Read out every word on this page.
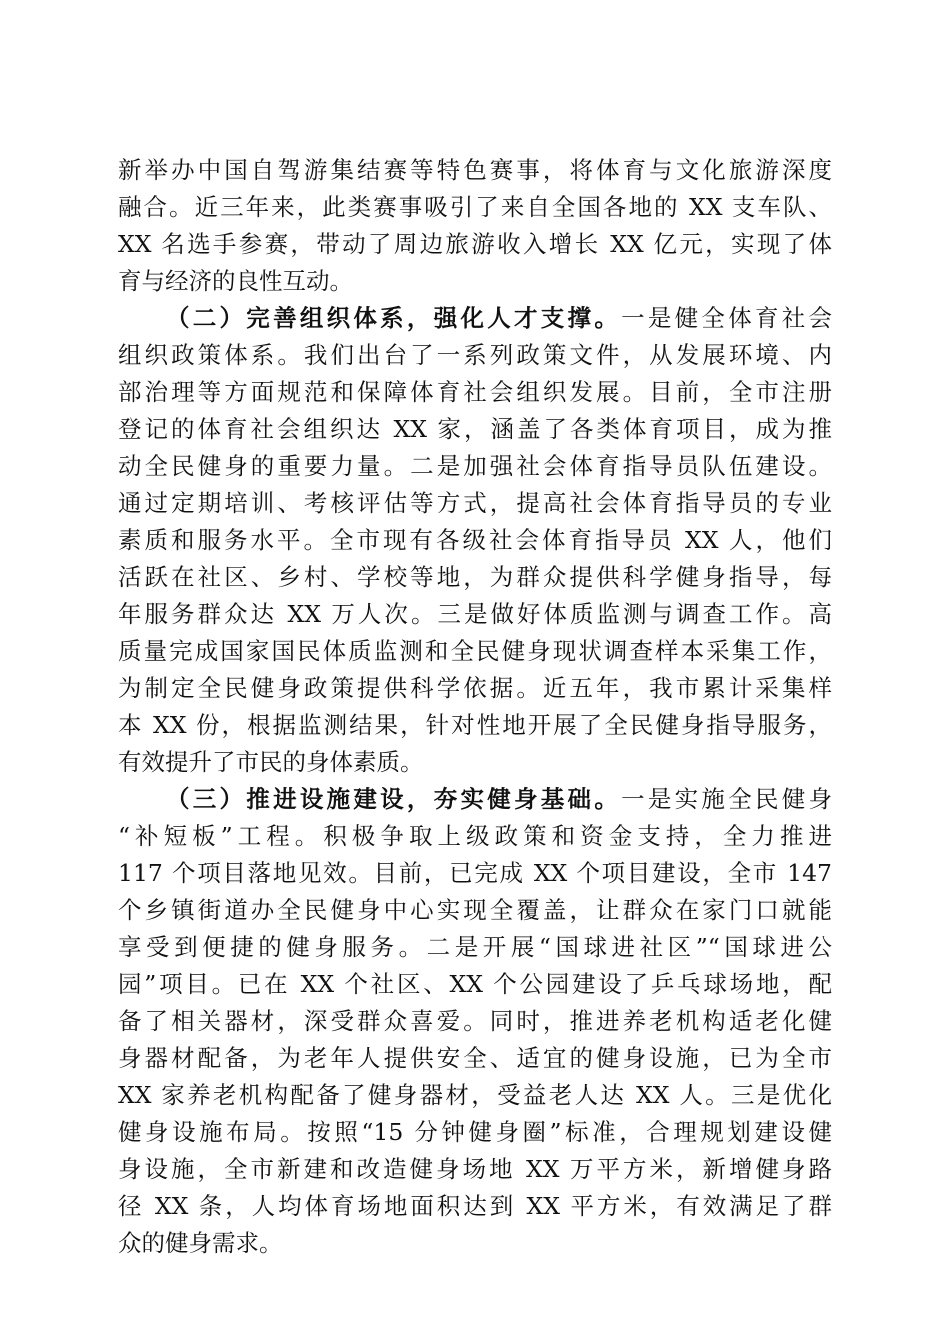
新举办中国自驾游集结赛等特色赛事，将体育与文化旅游深度
融合。近三年来，此类赛事吸引了来自全国各地的 XX 支车队、
XX 名选手参赛，带动了周边旅游收入增长 XX 亿元，实现了体
育与经济的良性互动。
（二）完善组织体系，强化人才支撑。一是健全体育社会
组织政策体系。我们出台了一系列政策文件，从发展环境、内
部治理等方面规范和保障体育社会组织发展。目前，全市注册
登记的体育社会组织达 XX 家，涵盖了各类体育项目，成为推
动全民健身的重要力量。二是加强社会体育指导员队伍建设。
通过定期培训、考核评估等方式，提高社会体育指导员的专业
素质和服务水平。全市现有各级社会体育指导员 XX 人，他们
活跃在社区、乡村、学校等地，为群众提供科学健身指导，每
年服务群众达 XX 万人次。三是做好体质监测与调查工作。高
质量完成国家国民体质监测和全民健身现状调查样本采集工作，
为制定全民健身政策提供科学依据。近五年，我市累计采集样
本 XX 份，根据监测结果，针对性地开展了全民健身指导服务，
有效提升了市民的身体素质。
（三）推进设施建设，夯实健身基础。一是实施全民健身
“补短板”工程。积极争取上级政策和资金支持，全力推进
117 个项目落地见效。目前，已完成 XX 个项目建设，全市 147
个乡镇街道办全民健身中心实现全覆盖，让群众在家门口就能
享受到便捷的健身服务。二是开展“国球进社区”“国球进公
园”项目。已在 XX 个社区、XX 个公园建设了乒乓球场地，配
备了相关器材，深受群众喜爱。同时，推进养老机构适老化健
身器材配备，为老年人提供安全、适宜的健身设施，已为全市
XX 家养老机构配备了健身器材，受益老人达 XX 人。三是优化
健身设施布局。按照“15 分钟健身圈”标准，合理规划建设健
身设施，全市新建和改造健身场地 XX 万平方米，新增健身路
径 XX 条，人均体育场地面积达到 XX 平方米，有效满足了群
众的健身需求。
